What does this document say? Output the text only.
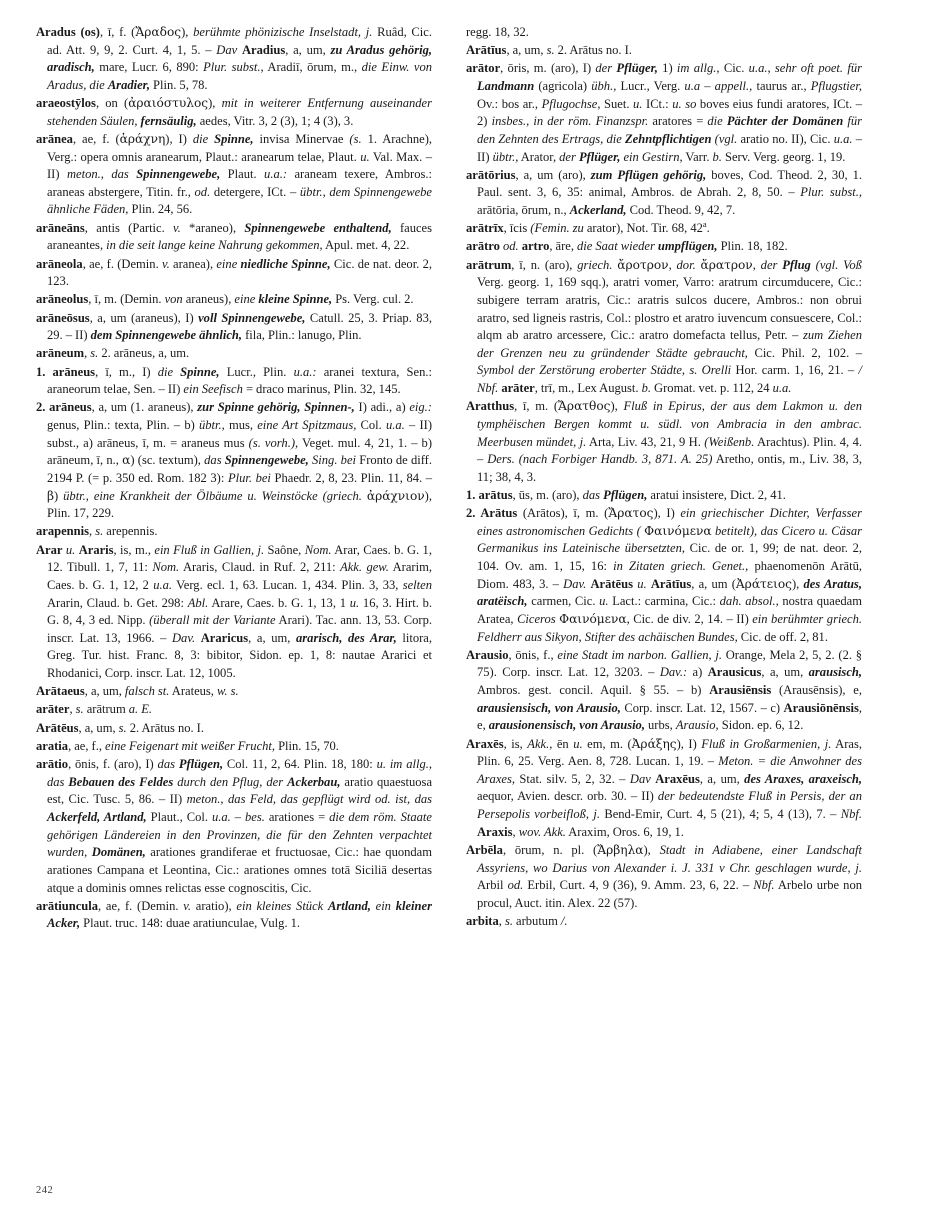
Aradus (os), ī, f. (Ἄραδος), berühmte phönizische Inselstadt, j. Ruâd, Cic. ad. Att. 9, 9, 2. Curt. 4, 1, 5. – Dav Aradius, a, um, zu Aradus gehörig, aradisch, mare, Lucr. 6, 890: Plur. subst., Aradiī, ōrum, m., die Einw. von Aradus, die Aradier, Plin. 5, 78.

araeostȳlos, on (ἀραιόστυλος), mit in weiterer Entfernung auseinander stehenden Säulen, fernsäulig, aedes, Vitr. 3, 2 (3), 1; 4 (3), 3.

arānea, ae, f. (ἀράχνη), I) die Spinne, invisa Minervae (s. 1. Arachne), Verg.: opera omnis aranearum, Plaut.: aranearum telae, Plaut. u. Val. Max. – II) meton., das Spinnengewebe, Plaut. u.a.: araneam texere, Ambros.: araneas abstergere, Titin. fr., od. detergere, ICt. – übtr., dem Spinnengewebe ähnliche Fäden, Plin. 24, 56.

arāneāns, antis (Partic. v. *araneo), Spinnengewebe enthaltend, fauces araneantes, in die seit lange keine Nahrung gekommen, Apul. met. 4, 22.

arāneola, ae, f. (Demin. v. aranea), eine niedliche Spinne, Cic. de nat. deor. 2, 123.

arāneolus, ī, m. (Demin. von araneus), eine kleine Spinne, Ps. Verg. cul. 2.

arāneōsus, a, um (araneus), I) voll Spinnengewebe, Catull. 25, 3. Priap. 83, 29. – II) dem Spinnengewebe ähnlich, fila, Plin.: lanugo, Plin.

arāneum, s. 2. arāneus, a, um.

1. arāneus, ī, m., I) die Spinne, Lucr., Plin. u.a.: aranei textura, Sen.: araneorum telae, Sen. – II) ein Seefisch = draco marinus, Plin. 32, 145.

2. arāneus, a, um (1. araneus), zur Spinne gehörig, Spinnen-, I) adi., a) eig.: genus, Plin.: texta, Plin. – b) übtr., mus, eine Art Spitzmaus, Col. u.a. – II) subst., a) arāneus, ī, m. = araneus mus (s. vorh.), Veget. mul. 4, 21, 1. – b) arāneum, ī, n., α) (sc. textum), das Spinnengewebe, Sing. bei Fronto de diff. 2194 P. (= p. 350 ed. Rom. 182 3): Plur. bei Phaedr. 2, 8, 23. Plin. 11, 84. – β) übtr., eine Krankheit der Ölbäume u. Weinstöcke (griech. ἀράχνιον), Plin. 17, 229.

arapennis, s. arepennis.

Arar u. Araris, is, m., ein Fluß in Gallien, j. Saône, Nom. Arar, Caes. b. G. 1, 12. Tibull. 1, 7, 11: Nom. Araris, Claud. in Ruf. 2, 211: Akk. gew. Ararim, Caes. b. G. 1, 12, 2 u.a. Verg. ecl. 1, 63. Lucan. 1, 434. Plin. 3, 33, selten Ararin, Claud. b. Get. 298: Abl. Arare, Caes. b. G. 1, 13, 1 u. 16, 3. Hirt. b. G. 8, 4, 3 ed. Nipp. (überall mit der Variante Arari). Tac. ann. 13, 53. Corp. inscr. Lat. 13, 1966. – Dav. Araricus, a, um, ararisch, des Arar, litora, Greg. Tur. hist. Franc. 8, 3: bibitor, Sidon. ep. 1, 8: nautae Ararici et Rhodanici, Corp. inscr. Lat. 12, 1005.

Arātaeus, a, um, falsch st. Arateus, w. s.

arāter, s. arātrum a. E.

Arātēus, a, um, s. 2. Arātus no. I.

aratia, ae, f., eine Feigenart mit weißer Frucht, Plin. 15, 70.

arātio, ōnis, f. (aro), I) das Pflügen, Col. 11, 2, 64. Plin. 18, 180: u. im allg., das Bebauen des Feldes durch den Pflug, der Ackerbau, aratio quaestuosa est, Cic. Tusc. 5, 86. – II) meton., das Feld, das gepflügt wird od. ist, das Ackerfeld, Artland, Plaut., Col. u.a. – bes. arationes = die dem röm. Staate gehörigen Ländereien in den Provinzen, die für den Zehnten verpachtet wurden, Domänen, arationes grandiferae et fructuosae, Cic.: hae quondam arationes Campana et Leontina, Cic.: arationes omnes totā Siciliā desertas atque a dominis omnes relictas esse cognoscitis, Cic.

arātiuncula, ae, f. (Demin. v. aratio), ein kleines Stück Artland, ein kleiner Acker, Plaut. truc. 148: duae aratiunculae, Vulg. 1.

regg. 18, 32.

Arātīus, a, um, s. 2. Arātus no. I.

arātor, ōris, m. (aro), I) der Pflüger, 1) im allg., Cic. u.a., sehr oft poet. für Landmann (agricola) übh., Lucr., Verg. u.a – appell., taurus ar., Pflugstier, Ov.: bos ar., Pflugochse, Suet. u. ICt.: u. so boves eius fundi aratores, ICt. – 2) insbes., in der röm. Finanzspr. aratores = die Pächter der Domänen für den Zehnten des Ertrags, die Zehntpflichtigen (vgl. aratio no. II), Cic. u.a. – II) übtr., Arator, der Pflüger, ein Gestirn, Varr. b. Serv. Verg. georg. 1, 19.

arātōrius, a, um (aro), zum Pflügen gehörig, boves, Cod. Theod. 2, 30, 1. Paul. sent. 3, 6, 35: animal, Ambros. de Abrah. 2, 8, 50. – Plur. subst., arātōria, ōrum, n., Ackerland, Cod. Theod. 9, 42, 7.

arātrīx, īcis (Femin. zu arator), Not. Tir. 68, 42$^a$.

arātro od. artro, āre, die Saat wieder umpflügen, Plin. 18, 182.

arātrum, ī, n. (aro), griech. ἄροτρον, dor. ἄρατρον, der Pflug (vgl. Voß Verg. georg. 1, 169 sqq.), aratri vomer, Varro: aratrum circumducere, Cic.: subigere terram aratris, Cic.: aratris sulcos ducere, Ambros.: non obrui aratro, sed ligneis rastris, Col.: plostro et aratro iuvencum consuescere, Col.: alqm ab aratro arcessere, Cic.: aratro domefacta tellus, Petr. – zum Ziehen der Grenzen neu zu gründender Städte gebraucht, Cic. Phil. 2, 102. – Symbol der Zerstörung eroberter Städte, s. Orelli Hor. carm. 1, 16, 21. – / Nbf. arāter, trī, m., Lex August. b. Gromat. vet. p. 112, 24 u.a.

Aratthus, ī, m. (Ἄρατθος), Fluß in Epirus, der aus dem Lakmon u. den tymphëischen Bergen kommt u. südl. von Ambracia in den ambrac. Meerbusen mündet, j. Arta, Liv. 43, 21, 9 H. (Weißenb. Arachtus). Plin. 4, 4. – Ders. (nach Forbiger Handb. 3, 871. A. 25) Aretho, ontis, m., Liv. 38, 3, 11; 38, 4, 3.

1. arātus, ūs, m. (aro), das Pflügen, aratui insistere, Dict. 2, 41.

2. Arātus (Arātos), ī, m. (Ἄρατος), I) ein griechischer Dichter, Verfasser eines astronomischen Gedichts ( Φαινόμενα betitelt), das Cicero u. Cäsar Germanikus ins Lateinische übersetzten, Cic. de or. 1, 99; de nat. deor. 2, 104. Ov. am. 1, 15, 16: in Zitaten griech. Genet., phaenomenōn Arātū, Diom. 483, 3. – Dav. Arātēus u. Arātīus, a, um (Ἀράτειος), des Aratus, aratëisch, carmen, Cic. u. Lact.: carmina, Cic.: dah. absol., nostra quaedam Aratea, Ciceros Φαινόμενα, Cic. de div. 2, 14. – II) ein berühmter griech. Feldherr aus Sikyon, Stifter des achäischen Bundes, Cic. de off. 2, 81.

Arausio, ōnis, f., eine Stadt im narbon. Gallien, j. Orange, Mela 2, 5, 2. (2. § 75). Corp. inscr. Lat. 12, 3203. – Dav.: a) Arausicus, a, um, arausisch, Ambros. gest. concil. Aquil. § 55. – b) Arausiēnsis (Arausēnsis), e, arausiensisch, von Arausio, Corp. inscr. Lat. 12, 1567. – c) Arausiōnēnsis, e, arausionensisch, von Arausio, urbs, Arausio, Sidon. ep. 6, 12.

Araxēs, is, Akk., ēn u. em, m. (Ἀράξης), I) Fluß in Großarmenien, j. Aras, Plin. 6, 25. Verg. Aen. 8, 728. Lucan. 1, 19. – Meton. = die Anwohner des Araxes, Stat. silv. 5, 2, 32. – Dav Araxēus, a, um, des Araxes, araxeisch, aequor, Avien. descr. orb. 30. – II) der bedeutendste Fluß in Persis, der an Persepolis vorbeifloß, j. Bend-Emir, Curt. 4, 5 (21), 4; 5, 4 (13), 7. – Nbf. Araxis, wov. Akk. Araxim, Oros. 6, 19, 1.

Arbēla, ōrum, n. pl. (Ἄρβηλα), Stadt in Adiabene, einer Landschaft Assyriens, wo Darius von Alexander i. J. 331 v Chr. geschlagen wurde, j. Arbil od. Erbil, Curt. 4, 9 (36), 9. Amm. 23, 6, 22. – Nbf. Arbelo urbe non procul, Auct. itin. Alex. 22 (57).

arbita, s. arbutum /.

242
